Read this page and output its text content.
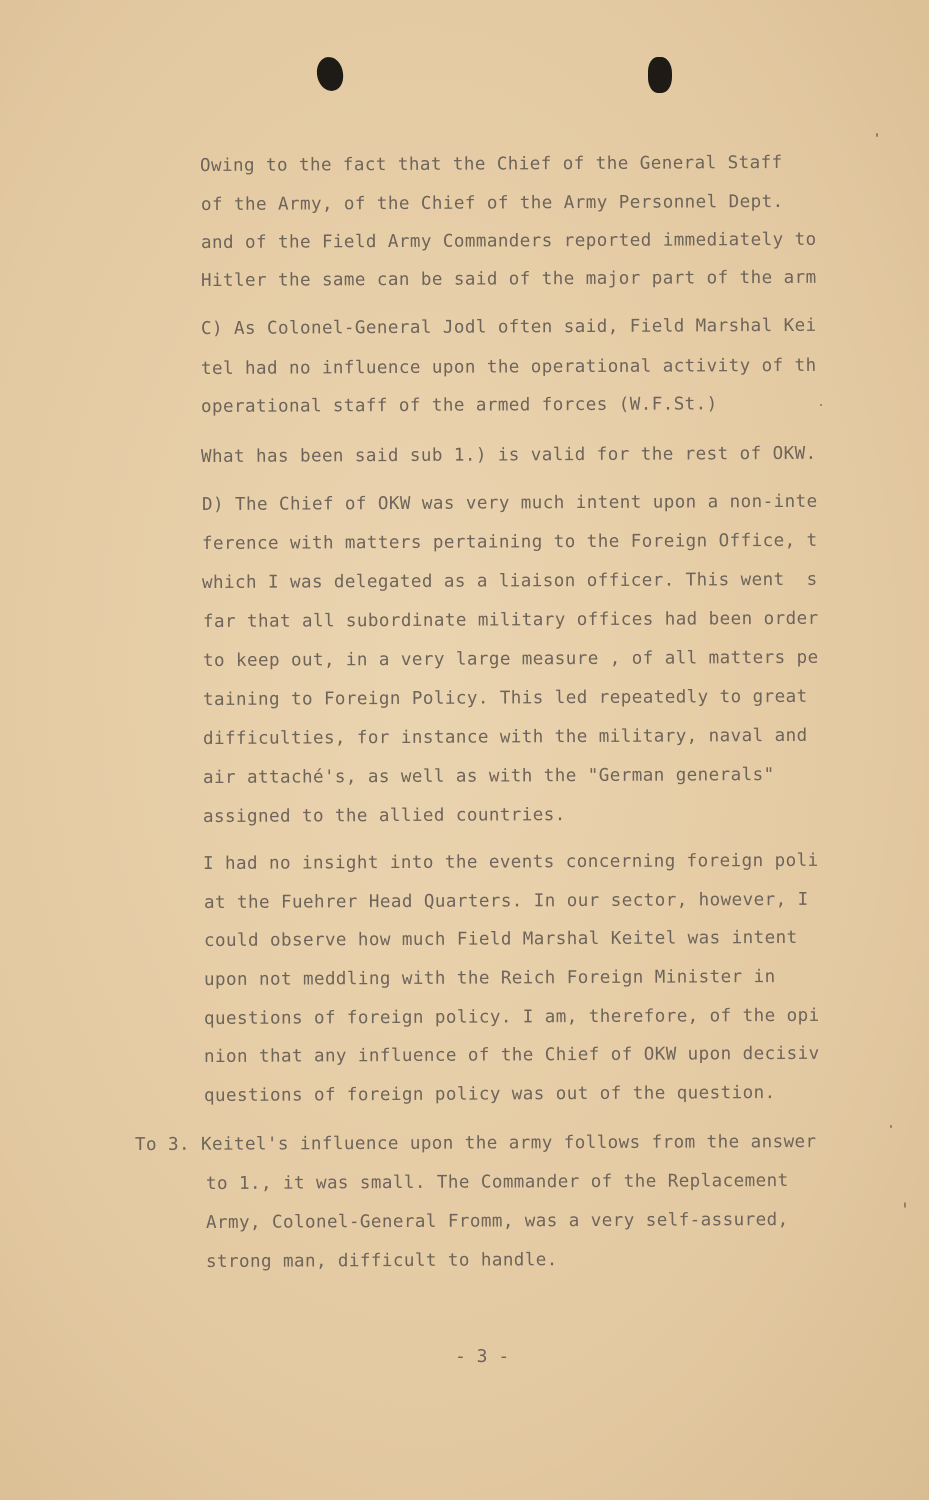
Owing to the fact that the Chief of the General Staff
of the Army, of the Chief of the Army Personnel Dept.
and of the Field Army Commanders reported immediately to
Hitler the same can be said of the major part of the arm
C) As Colonel-General Jodl often said, Field Marshal Kei
tel had no influence upon the operational activity of th
operational staff of the armed forces (W.F.St.)
What has been said sub 1.) is valid for the rest of OKW.
D) The Chief of OKW was very much intent upon a non-inte
ference with matters pertaining to the Foreign Office, t
which I was delegated as a liaison officer. This went  s
far that all subordinate military offices had been order
to keep out, in a very large measure , of all matters pe
taining to Foreign Policy. This led repeatedly to great
difficulties, for instance with the military, naval and
air attaché's, as well as with the "German generals"
assigned to the allied countries.
I had no insight into the events concerning foreign poli
at the Fuehrer Head Quarters. In our sector, however, I
could observe how much Field Marshal Keitel was intent
upon not meddling with the Reich Foreign Minister in
questions of foreign policy. I am, therefore, of the opi
nion that any influence of the Chief of OKW upon decisiv
questions of foreign policy was out of the question.
To 3. Keitel's influence upon the army follows from the answer
to 1., it was small. The Commander of the Replacement
Army, Colonel-General Fromm, was a very self-assured,
strong man, difficult to handle.
- 3 -
